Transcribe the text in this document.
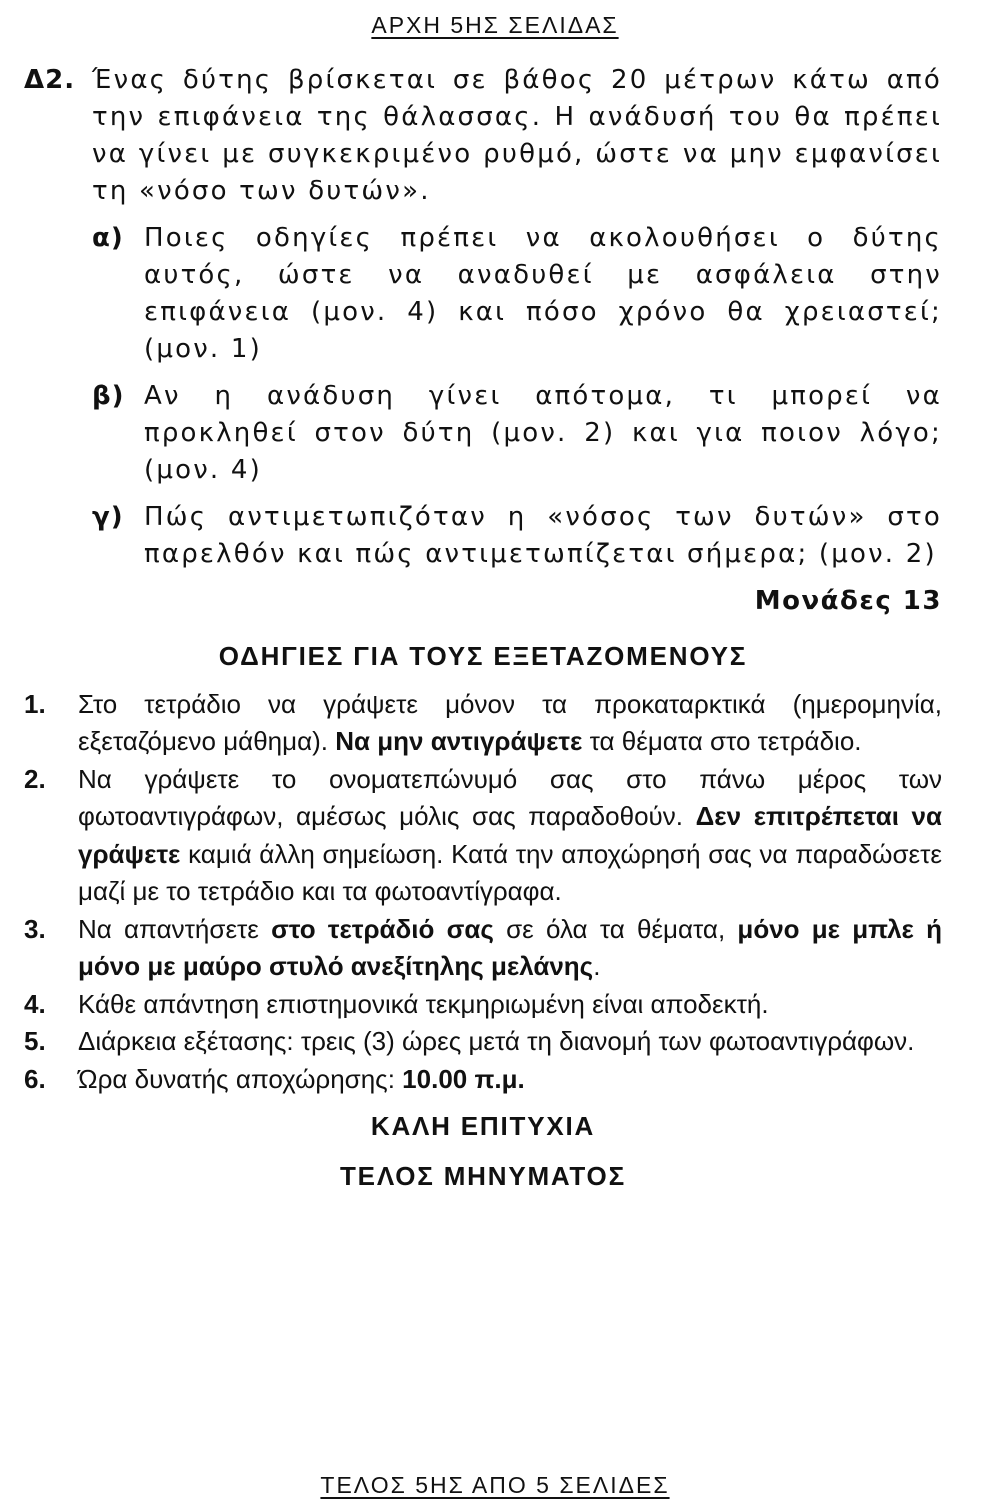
ΑΡΧΗ 5ΗΣ ΣΕΛΙΔΑΣ
Δ2. Ένας δύτης βρίσκεται σε βάθος 20 μέτρων κάτω από την επιφάνεια της θάλασσας. Η ανάδυσή του θα πρέπει να γίνει με συγκεκριμένο ρυθμό, ώστε να μην εμφανίσει τη «νόσο των δυτών».
α) Ποιες οδηγίες πρέπει να ακολουθήσει ο δύτης αυτός, ώστε να αναδυθεί με ασφάλεια στην επιφάνεια (μον. 4) και πόσο χρόνο θα χρειαστεί; (μον. 1)
β) Αν η ανάδυση γίνει απότομα, τι μπορεί να προκληθεί στον δύτη (μον. 2) και για ποιον λόγο; (μον. 4)
γ) Πώς αντιμετωπιζόταν η «νόσος των δυτών» στο παρελθόν και πώς αντιμετωπίζεται σήμερα; (μον. 2)
Μονάδες 13
ΟΔΗΓΙΕΣ ΓΙΑ ΤΟΥΣ ΕΞΕΤΑΖΟΜΕΝΟΥΣ
1.	Στο τετράδιο να γράψετε μόνον τα προκαταρκτικά (ημερομηνία, εξεταζόμενο μάθημα). Να μην αντιγράψετε τα θέματα στο τετράδιο.
2.	Να γράψετε το ονοματεπώνυμό σας στο πάνω μέρος των φωτοαντιγράφων, αμέσως μόλις σας παραδοθούν. Δεν επιτρέπεται να γράψετε καμιά άλλη σημείωση. Κατά την αποχώρησή σας να παραδώσετε μαζί με το τετράδιο και τα φωτοαντίγραφα.
3.	Να απαντήσετε στο τετράδιό σας σε όλα τα θέματα, μόνο με μπλε ή μόνο με μαύρο στυλό ανεξίτηλης μελάνης.
4.	Κάθε απάντηση επιστημονικά τεκμηριωμένη είναι αποδεκτή.
5.	Διάρκεια εξέτασης: τρεις (3) ώρες μετά τη διανομή των φωτοαντιγράφων.
6.	Ώρα δυνατής αποχώρησης: 10.00 π.μ.
ΚΑΛΗ ΕΠΙΤΥΧΙΑ
ΤΕΛΟΣ ΜΗΝΥΜΑΤΟΣ
ΤΕΛΟΣ 5ΗΣ ΑΠΟ 5 ΣΕΛΙΔΕΣ
